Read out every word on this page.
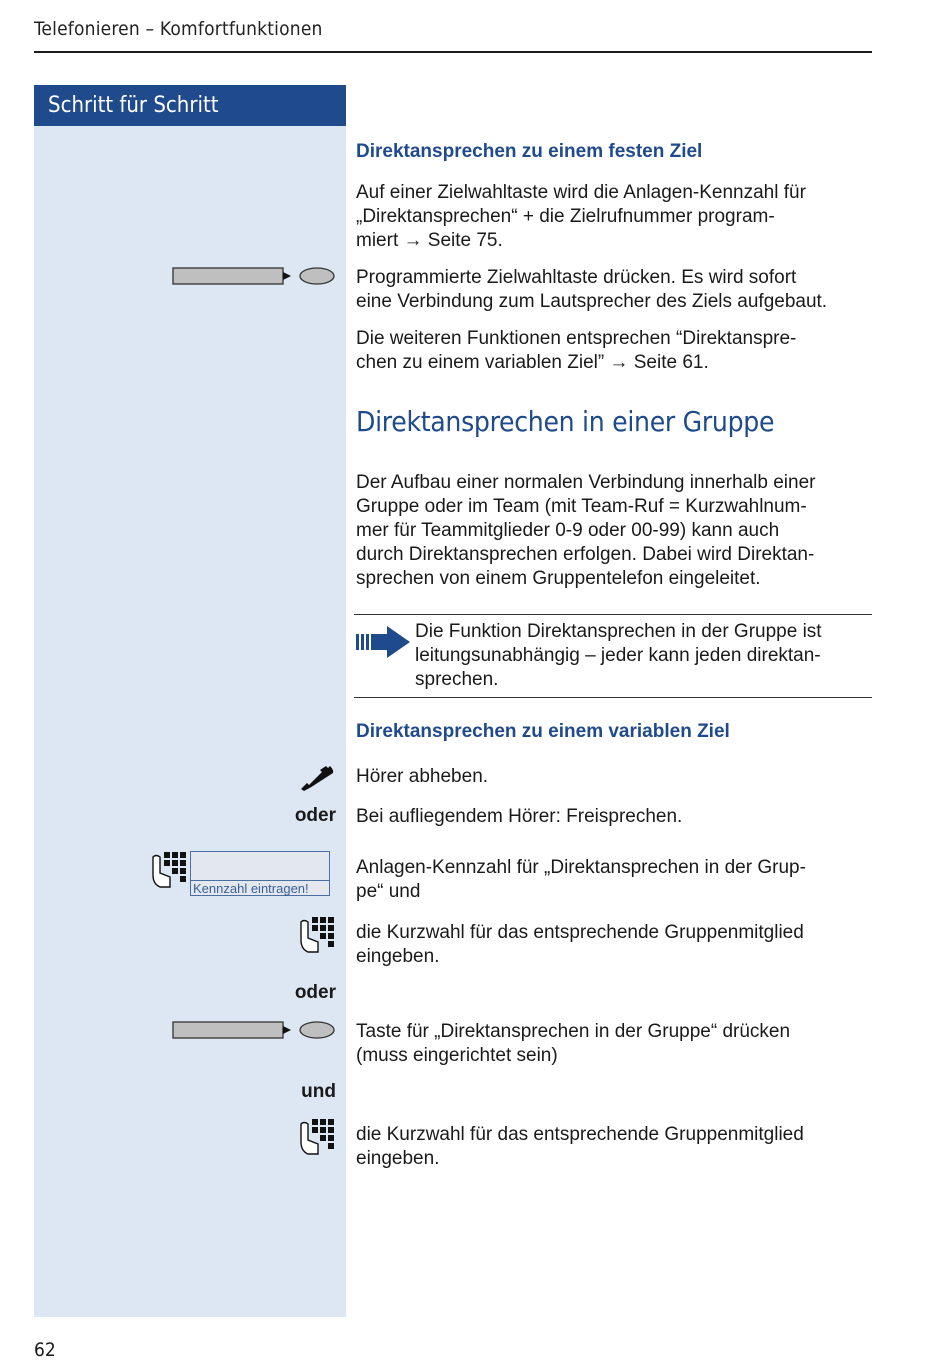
Telefonieren – Komfortfunktionen
Schritt für Schritt
Direktansprechen zu einem festen Ziel
Auf einer Zielwahltaste wird die Anlagen-Kennzahl für
„Direktansprechen“ + die Zielrufnummer program-
miert → Seite 75.
Programmierte Zielwahltaste drücken. Es wird sofort
eine Verbindung zum Lautsprecher des Ziels aufgebaut.
Die weiteren Funktionen entsprechen “Direktanspre-
chen zu einem variablen Ziel” → Seite 61.
Direktansprechen in einer Gruppe
Der Aufbau einer normalen Verbindung innerhalb einer
Gruppe oder im Team (mit Team-Ruf = Kurzwahlnum-
mer für Teammitglieder 0-9 oder 00-99) kann auch
durch Direktansprechen erfolgen. Dabei wird Direktan-
sprechen von einem Gruppentelefon eingeleitet.
Die Funktion Direktansprechen in der Gruppe ist
leitungsunabhängig – jeder kann jeden direktan-
sprechen.
Direktansprechen zu einem variablen Ziel
Hörer abheben.
oder Bei aufliegendem Hörer: Freisprechen.
Kennzahl eintragen!
Anlagen-Kennzahl für „Direktansprechen in der Grup-
pe“ und
die Kurzwahl für das entsprechende Gruppenmitglied
eingeben.
oder
Taste für „Direktansprechen in der Gruppe“ drücken
(muss eingerichtet sein)
und
die Kurzwahl für das entsprechende Gruppenmitglied
eingeben.
62
